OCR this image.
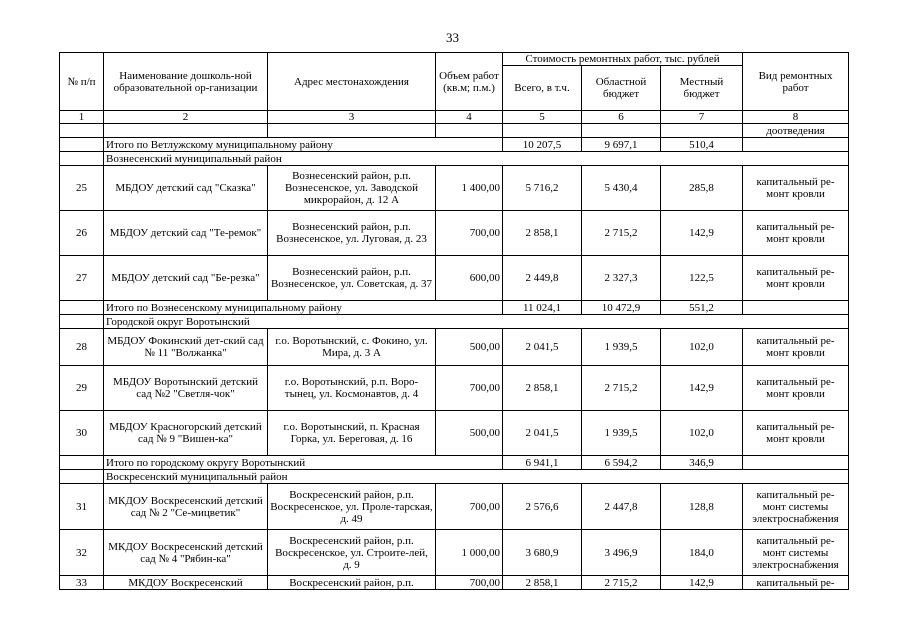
33
№ п/п	Наименование дошколь-ной образовательной ор-ганизации	Адрес местонахождения	Объем работ (кв.м; п.м.)	Стоимость ремонтных работ, тыс. рублей			Вид ремонтных работ
				Всего, в т.ч.	Областной бюджет	Местный бюджет	
1	2	3	4	5	6	7	8
							доотведения
	Итого по Ветлужскому муниципальному району			10 207,5	9 697,1	510,4	
	Вознесенский муниципальный район						
25	МБДОУ детский сад "Сказка"	Вознесенский район, р.п. Вознесенское, ул. Заводской микрорайон, д. 12 А	1 400,00	5 716,2	5 430,4	285,8	капитальный ре-монт кровли
26	МБДОУ детский сад "Те-ремок"	Вознесенский район, р.п. Вознесенское, ул. Луговая, д. 23	700,00	2 858,1	2 715,2	142,9	капитальный ре-монт кровли
27	МБДОУ детский сад "Бе-резка"	Вознесенский район, р.п. Вознесенское, ул. Советская, д. 37	600,00	2 449,8	2 327,3	122,5	капитальный ре-монт кровли
	Итого по Вознесенскому муниципальному району			11 024,1	10 472,9	551,2	
	Городской округ Воротынский						
28	МБДОУ Фокинский дет-ский сад № 11 "Волжанка"	г.о. Воротынский, с. Фокино, ул. Мира, д. 3 А	500,00	2 041,5	1 939,5	102,0	капитальный ре-монт кровли
29	МБДОУ Воротынский детский сад №2 "Светля-чок"	г.о. Воротынский, р.п. Воро-тынец, ул. Космонавтов, д. 4	700,00	2 858,1	2 715,2	142,9	капитальный ре-монт кровли
30	МБДОУ Красногорский детский сад № 9 "Вишен-ка"	г.о. Воротынский, п. Красная Горка, ул. Береговая, д. 16	500,00	2 041,5	1 939,5	102,0	капитальный ре-монт кровли
	Итого по городскому округу Воротынский			6 941,1	6 594,2	346,9	
	Воскресенский муниципальный район						
31	МКДОУ Воскресенский детский сад № 2 "Се-мицветик"	Воскресенский район, р.п. Воскресенское, ул. Проле-тарская, д. 49	700,00	2 576,6	2 447,8	128,8	капитальный ре-монт системы электроснабжения
32	МКДОУ Воскресенский детский сад № 4 "Рябин-ка"	Воскресенский район, р.п. Воскресенское, ул. Строите-лей, д. 9	1 000,00	3 680,9	3 496,9	184,0	капитальный ре-монт системы электроснабжения
33	МКДОУ Воскресенский	Воскресенский район, р.п.	700,00	2 858,1	2 715,2	142,9	капитальный ре-
